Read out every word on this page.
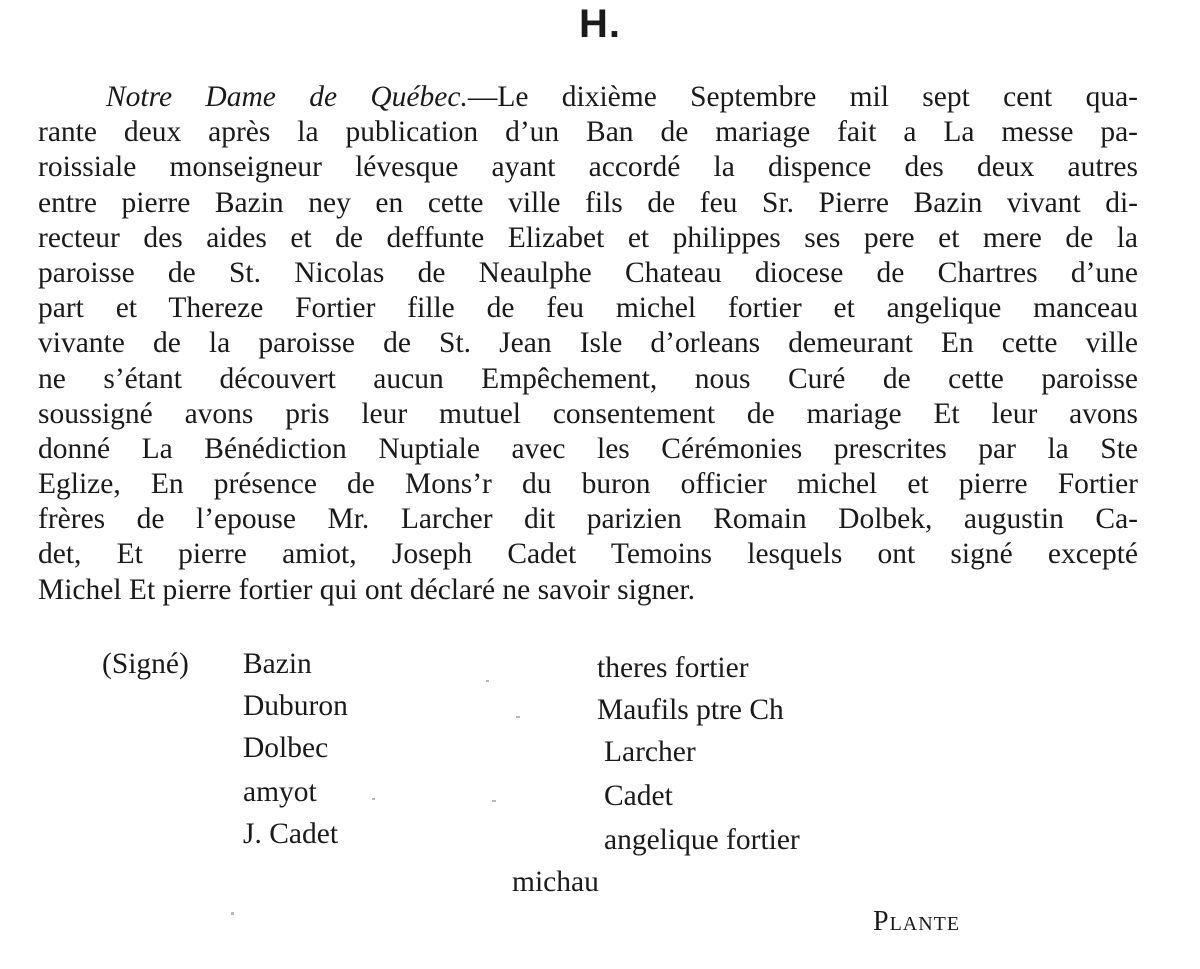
H.
Notre Dame de Québec.—Le dixième Septembre mil sept cent qua-
rante deux après la publication d’un Ban de mariage fait a La messe pa-
roissiale monseigneur lévesque ayant accordé la dispence des deux autres
entre pierre Bazin ney en cette ville fils de feu Sr. Pierre Bazin vivant di-
recteur des aides et de deffunte Elizabet et philippes ses pere et mere de la
paroisse de St. Nicolas de Neaulphe Chateau diocese de Chartres d’une
part et Thereze Fortier fille de feu michel fortier et angelique manceau
vivante de la paroisse de St. Jean Isle d’orleans demeurant En cette ville
ne s’étant découvert aucun Empêchement, nous Curé de cette paroisse
soussigné avons pris leur mutuel consentement de mariage Et leur avons
donné La Bénédiction Nuptiale avec les Cérémonies prescrites par la Ste
Eglize, En présence de Mons’r du buron officier michel et pierre Fortier
frères de l’epouse Mr. Larcher dit parizien Romain Dolbek, augustin Ca-
det, Et pierre amiot, Joseph Cadet Temoins lesquels ont signé excepté
Michel Et pierre fortier qui ont déclaré ne savoir signer.
(Signé) Bazin
Duburon
Dolbec
amyot
J. Cadet
theres fortier
Maufils ptre Ch
Larcher
Cadet
angelique fortier
michau
Plante
